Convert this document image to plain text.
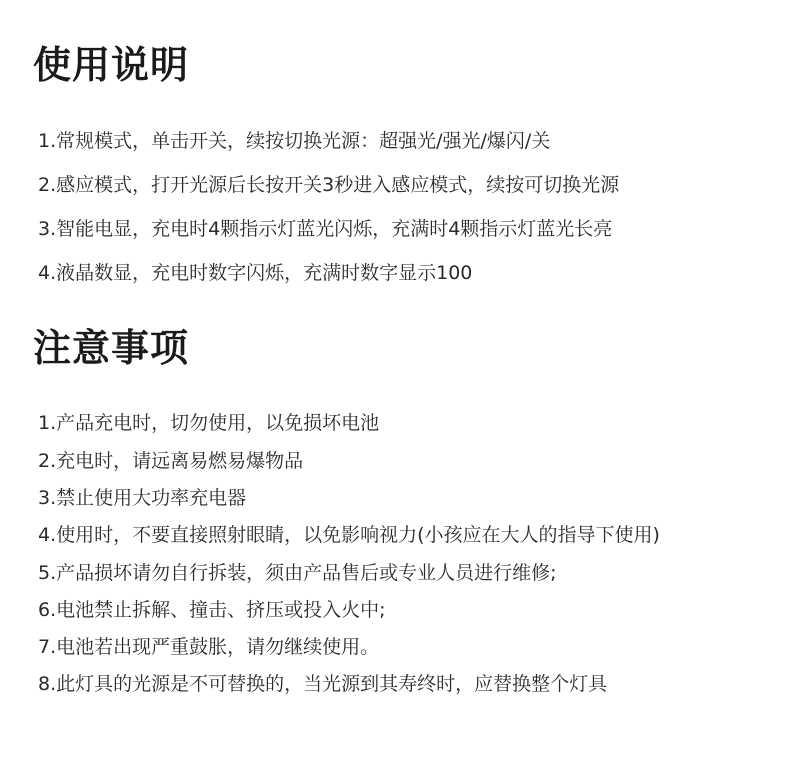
使用说明
1.常规模式，单击开关，续按切换光源：超强光/强光/爆闪/关
2.感应模式，打开光源后长按开关3秒进入感应模式，续按可切换光源
3.智能电显，充电时4颗指示灯蓝光闪烁，充满时4颗指示灯蓝光长亮
4.液晶数显，充电时数字闪烁，充满时数字显示100
注意事项
1.产品充电时，切勿使用，以免损坏电池
2.充电时，请远离易燃易爆物品
3.禁止使用大功率充电器
4.使用时，不要直接照射眼睛，以免影响视力(小孩应在大人的指导下使用)
5.产品损坏请勿自行拆装，须由产品售后或专业人员进行维修;
6.电池禁止拆解、撞击、挤压或投入火中;
7.电池若出现严重鼓胀，请勿继续使用。
8.此灯具的光源是不可替换的，当光源到其寿终时，应替换整个灯具
